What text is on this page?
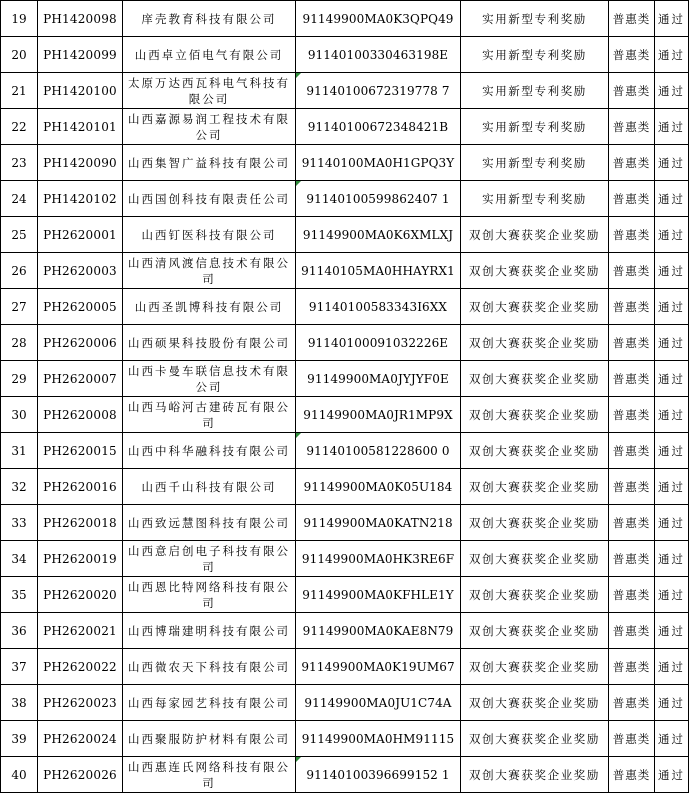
19	PH1420098	庠壳教育科技有限公司	91149900MA0K3QPQ49	实用新型专利奖励	普惠类	通过
20	PH1420099	山西卓立佰电气有限公司	91140100330463198E	实用新型专利奖励	普惠类	通过
21	PH1420100	太原万达西瓦科电气科技有限公司	91140100672319778 7	实用新型专利奖励	普惠类	通过
22	PH1420101	山西嘉源易润工程技术有限公司	91140100672348421B	实用新型专利奖励	普惠类	通过
23	PH1420090	山西集智广益科技有限公司	91140100MA0H1GPQ3Y	实用新型专利奖励	普惠类	通过
24	PH1420102	山西国创科技有限责任公司	91140100599862407 1	实用新型专利奖励	普惠类	通过
25	PH2620001	山西钉医科技有限公司	91149900MA0K6XMLXJ	双创大赛获奖企业奖励	普惠类	通过
26	PH2620003	山西清风渡信息技术有限公司	91140105MA0HHAYRX1	双创大赛获奖企业奖励	普惠类	通过
27	PH2620005	山西圣凯博科技有限公司	91140100583343I6XX	双创大赛获奖企业奖励	普惠类	通过
28	PH2620006	山西硕果科技股份有限公司	91140100091032226E	双创大赛获奖企业奖励	普惠类	通过
29	PH2620007	山西卡曼车联信息技术有限公司	91149900MA0JYJYF0E	双创大赛获奖企业奖励	普惠类	通过
30	PH2620008	山西马峪河古建砖瓦有限公司	91149900MA0JR1MP9X	双创大赛获奖企业奖励	普惠类	通过
31	PH2620015	山西中科华融科技有限公司	91140100581228600 0	双创大赛获奖企业奖励	普惠类	通过
32	PH2620016	山西千山科技有限公司	91149900MA0K05U184	双创大赛获奖企业奖励	普惠类	通过
33	PH2620018	山西致远慧图科技有限公司	91149900MA0KATN218	双创大赛获奖企业奖励	普惠类	通过
34	PH2620019	山西意启创电子科技有限公司	91149900MA0HK3RE6F	双创大赛获奖企业奖励	普惠类	通过
35	PH2620020	山西恩比特网络科技有限公司	91149900MA0KFHLE1Y	双创大赛获奖企业奖励	普惠类	通过
36	PH2620021	山西博瑞建明科技有限公司	91149900MA0KAE8N79	双创大赛获奖企业奖励	普惠类	通过
37	PH2620022	山西微农天下科技有限公司	91149900MA0K19UM67	双创大赛获奖企业奖励	普惠类	通过
38	PH2620023	山西每家园艺科技有限公司	91149900MA0JU1C74A	双创大赛获奖企业奖励	普惠类	通过
39	PH2620024	山西聚服防护材料有限公司	91149900MA0HM91115	双创大赛获奖企业奖励	普惠类	通过
40	PH2620026	山西惠连氏网络科技有限公司	91140100396699152 1	双创大赛获奖企业奖励	普惠类	通过
